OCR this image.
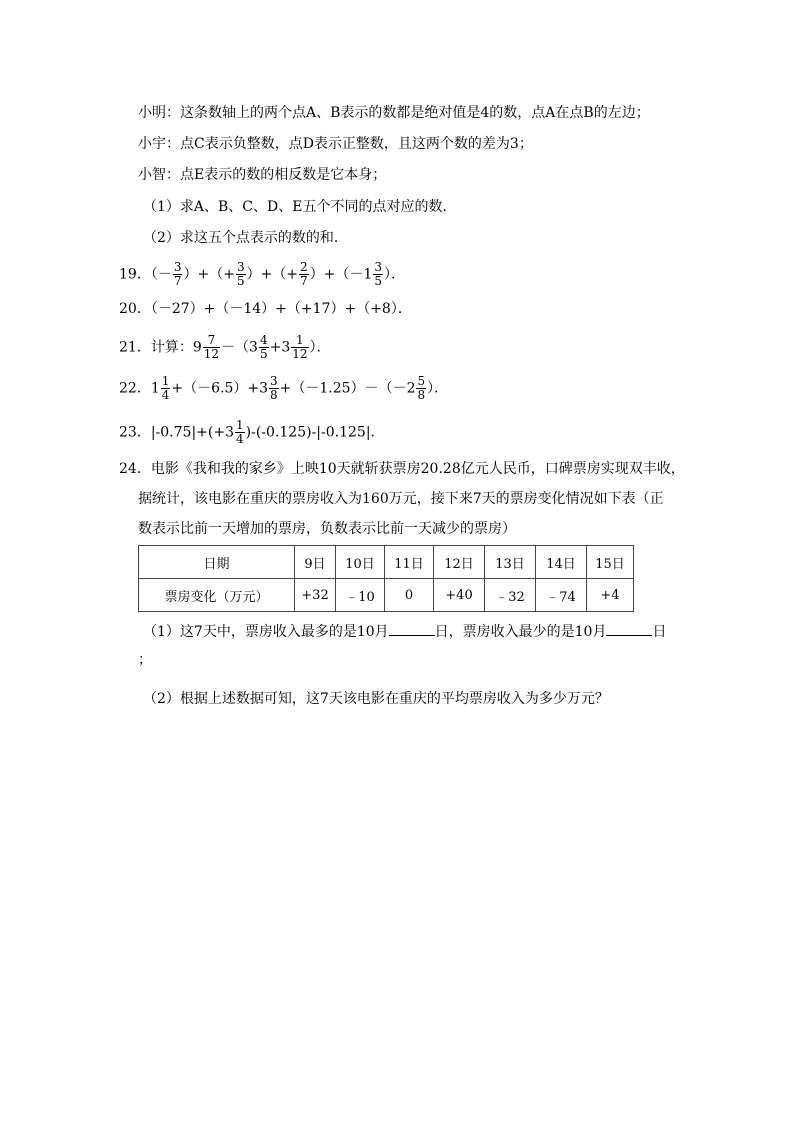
小明：这条数轴上的两个点A、B表示的数都是绝对值是4的数，点A在点B的左边；
小宇：点C表示负整数，点D表示正整数，且这两个数的差为3；
小智：点E表示的数的相反数是它本身；
（1）求A、B、C、D、E五个不同的点对应的数．
（2）求这五个点表示的数的和．
19．（－ $\frac{3}{7}$ ）+（+ $\frac{3}{5}$ ）+（+ $\frac{2}{7} )+(-1 \frac{3}{5}$ ）．
20．（－27）+（－14）+（+17）+（+8）．
21．计算：$9 \frac{7}{12} -(3 \frac{4}{5} +3 \frac{1}{12}$ ）．
22．$1 \frac{1}{4} +(-6.5)+3 \frac{3}{8} +(-1.25)-(-2 \frac{5}{8}$ ）．
23．$|-0.75|+(+3 \frac{1}{4} )-(-0.125)-|-0.125|$．
24．电影《我和我的家乡》上映10天就斩获票房20.28亿元人民币，口碑票房实现双丰收，
据统计，该电影在重庆的票房收入为160万元，接下来7天的票房变化情况如下表（正
数表示比前一天增加的票房，负数表示比前一天减少的票房）
日期	9日	10日	11日	12日	13日	14日	15日
票房变化（万元）	+32	﹣10	0	+40	﹣32	﹣74	+4
（1）这7天中，票房收入最多的是10月	日，票房收入最少的是10月	日
；
（2）根据上述数据可知，这7天该电影在重庆的平均票房收入为多少万元？
